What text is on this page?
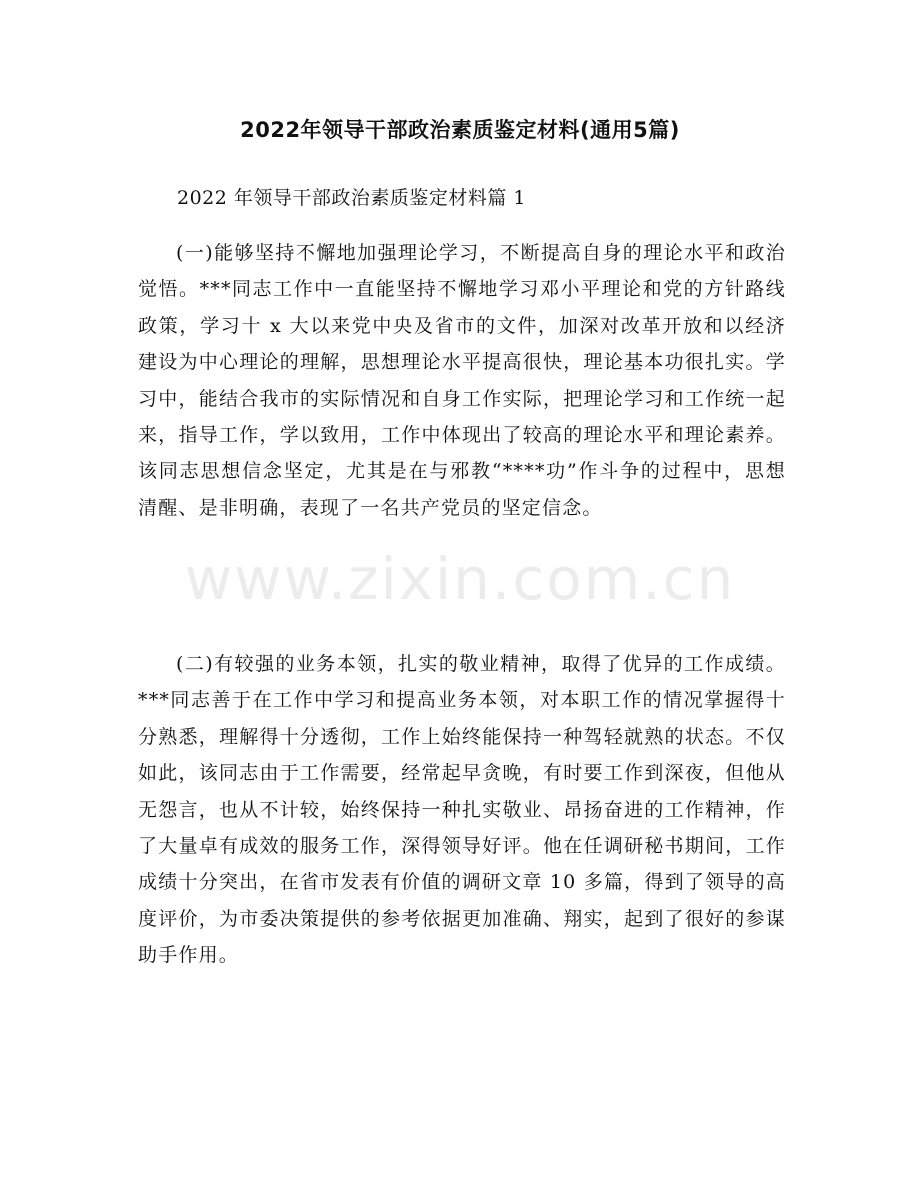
2022年领导干部政治素质鉴定材料(通用5篇)

2022 年领导干部政治素质鉴定材料篇 1

(一)能够坚持不懈地加强理论学习，不断提高自身的理论水平和政治觉悟。***同志工作中一直能坚持不懈地学习邓小平理论和党的方针路线政策，学习十 x 大以来党中央及省市的文件，加深对改革开放和以经济建设为中心理论的理解，思想理论水平提高很快，理论基本功很扎实。学习中，能结合我市的实际情况和自身工作实际，把理论学习和工作统一起来，指导工作，学以致用，工作中体现出了较高的理论水平和理论素养。该同志思想信念坚定，尤其是在与邪教“****功”作斗争的过程中，思想清醒、是非明确，表现了一名共产党员的坚定信念。

(二)有较强的业务本领，扎实的敬业精神，取得了优异的工作成绩。***同志善于在工作中学习和提高业务本领，对本职工作的情况掌握得十分熟悉，理解得十分透彻，工作上始终能保持一种驾轻就熟的状态。不仅如此，该同志由于工作需要，经常起早贪晚，有时要工作到深夜，但他从无怨言，也从不计较，始终保持一种扎实敬业、昂扬奋进的工作精神，作了大量卓有成效的服务工作，深得领导好评。他在任调研秘书期间，工作成绩十分突出，在省市发表有价值的调研文章 10 多篇，得到了领导的高度评价，为市委决策提供的参考依据更加准确、翔实，起到了很好的参谋助手作用。

www.zixin.com.cn
